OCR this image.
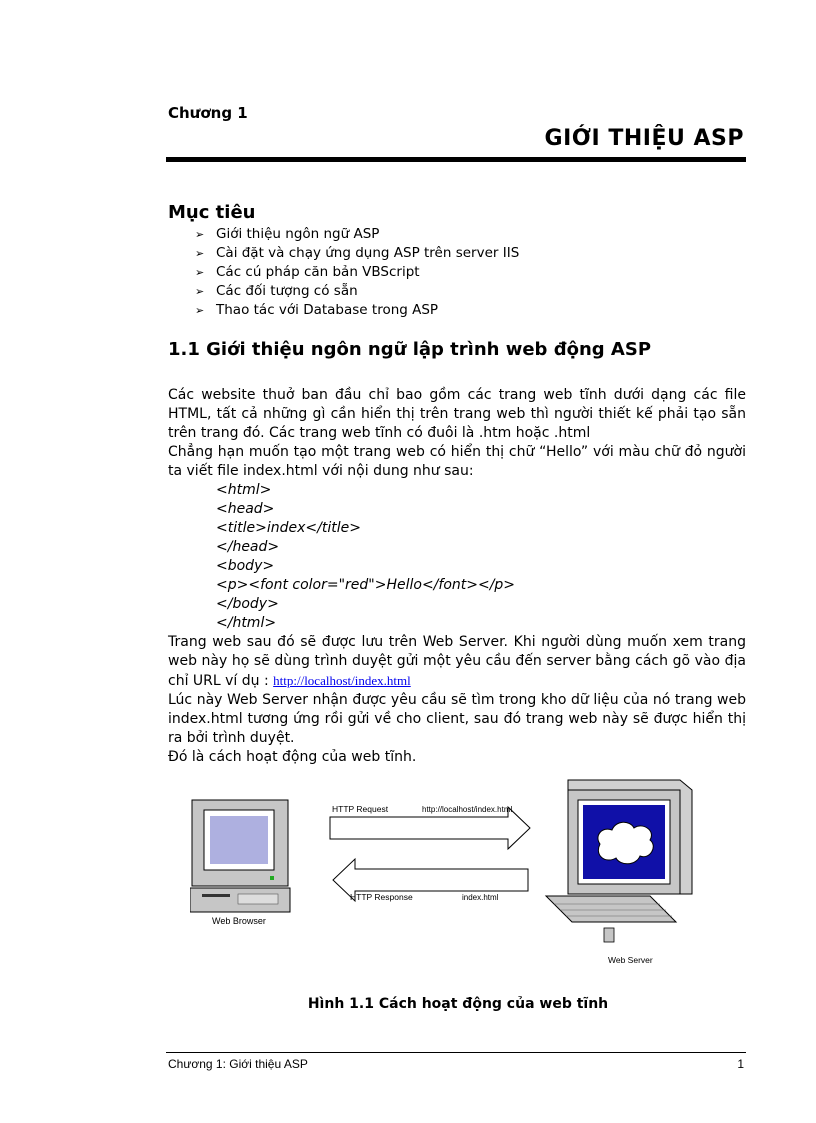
Chương 1
GIỚI THIỆU ASP
Mục tiêu
➢ Giới thiệu ngôn ngữ ASP
➢ Cài đặt và chạy ứng dụng ASP trên server IIS
➢ Các cú pháp căn bản VBScript
➢ Các đối tượng có sẵn
➢ Thao tác với Database trong ASP
1.1 Giới thiệu ngôn ngữ lập trình web động ASP

Các website thuở ban đầu chỉ bao gồm các trang web tĩnh dưới dạng các file HTML, tất cả những gì cần hiển thị trên trang web thì người thiết kế phải tạo sẵn trên trang đó. Các trang web tĩnh có đuôi là .htm hoặc .html

Chẳng hạn muốn tạo một trang web có hiển thị chữ “Hello” với màu chữ đỏ người ta viết file index.html với nội dung như sau:

<html>
<head>
<title>index</title>
</head>
<body>
<p><font color="red">Hello</font></p>
</body>
</html>

Trang web sau đó sẽ được lưu trên Web Server. Khi người dùng muốn xem trang web này họ sẽ dùng trình duyệt gửi một yêu cầu đến server bằng cách gõ vào địa chỉ URL ví dụ : http://localhost/index.html

Lúc này Web Server nhận được yêu cầu sẽ tìm trong kho dữ liệu của nó trang web index.html tương ứng rồi gửi về cho client, sau đó trang web này sẽ được hiển thị ra bởi trình duyệt.

Đó là cách hoạt động của web tĩnh.

Web Browser
HTTP Request	http://localhost/index.html
HTTP Response	index.html
Web Server
Hình 1.1 Cách hoạt động của web tĩnh
Chương 1: Giới thiệu ASP	1
